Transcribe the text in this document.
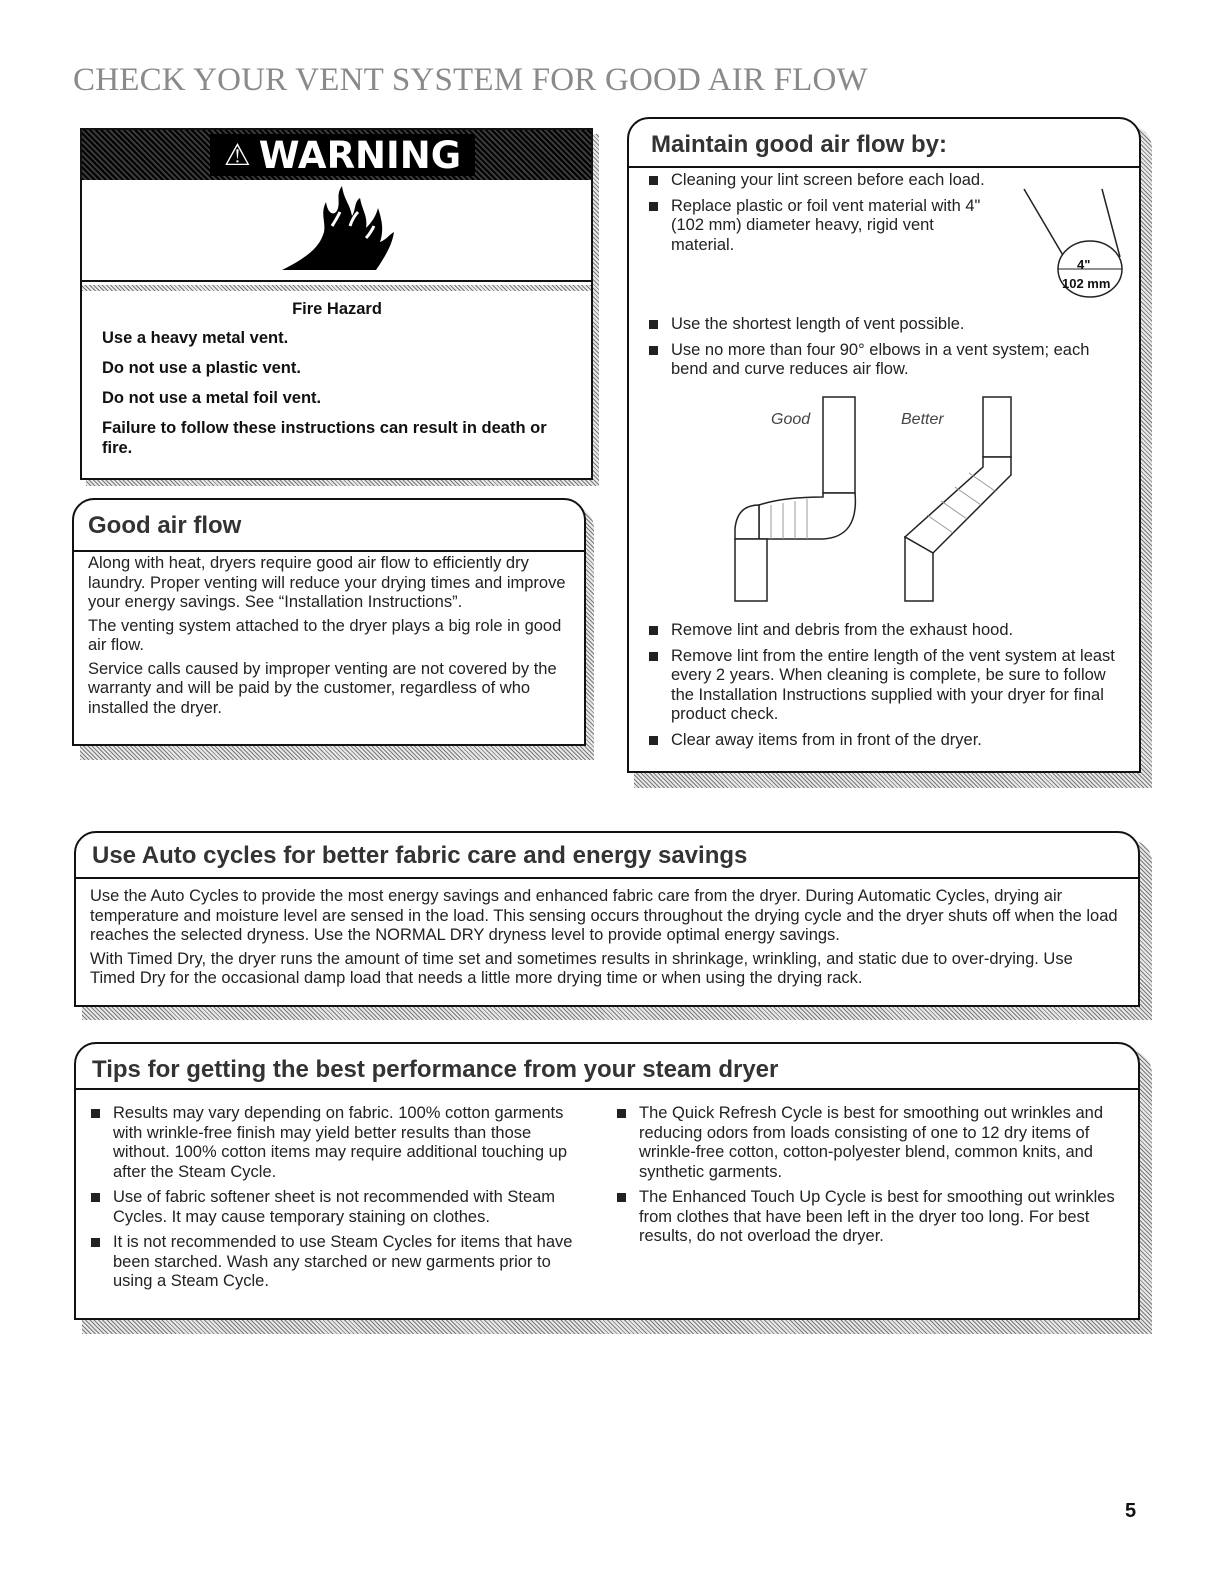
CHECK YOUR VENT SYSTEM FOR GOOD AIR FLOW
⚠ WARNING
Fire Hazard

Use a heavy metal vent.

Do not use a plastic vent.

Do not use a metal foil vent.

Failure to follow these instructions can result in death or fire.

Good air flow

Along with heat, dryers require good air flow to efficiently dry laundry. Proper venting will reduce your drying times and improve your energy savings. See “Installation Instructions”.

The venting system attached to the dryer plays a big role in good air flow.

Service calls caused by improper venting are not covered by the warranty and will be paid by the customer, regardless of who installed the dryer.

Maintain good air flow by:
Cleaning your lint screen before each load.
Replace plastic or foil vent material with 4" (102 mm) diameter heavy, rigid vent material.
4"
102 mm
Use the shortest length of vent possible.
Use no more than four 90° elbows in a vent system; each bend and curve reduces air flow.
Good	Better
Remove lint and debris from the exhaust hood.
Remove lint from the entire length of the vent system at least every 2 years. When cleaning is complete, be sure to follow the Installation Instructions supplied with your dryer for final product check.
Clear away items from in front of the dryer.
Use Auto cycles for better fabric care and energy savings

Use the Auto Cycles to provide the most energy savings and enhanced fabric care from the dryer. During Automatic Cycles, drying air temperature and moisture level are sensed in the load. This sensing occurs throughout the drying cycle and the dryer shuts off when the load reaches the selected dryness. Use the NORMAL DRY dryness level to provide optimal energy savings.

With Timed Dry, the dryer runs the amount of time set and sometimes results in shrinkage, wrinkling, and static due to over-drying. Use Timed Dry for the occasional damp load that needs a little more drying time or when using the drying rack.

Tips for getting the best performance from your steam dryer
Results may vary depending on fabric. 100% cotton garments with wrinkle-free finish may yield better results than those without. 100% cotton items may require additional touching up after the Steam Cycle.
Use of fabric softener sheet is not recommended with Steam Cycles. It may cause temporary staining on clothes.
It is not recommended to use Steam Cycles for items that have been starched. Wash any starched or new garments prior to using a Steam Cycle.
The Quick Refresh Cycle is best for smoothing out wrinkles and reducing odors from loads consisting of one to 12 dry items of wrinkle-free cotton, cotton-polyester blend, common knits, and synthetic garments.
The Enhanced Touch Up Cycle is best for smoothing out wrinkles from clothes that have been left in the dryer too long. For best results, do not overload the dryer.
5
